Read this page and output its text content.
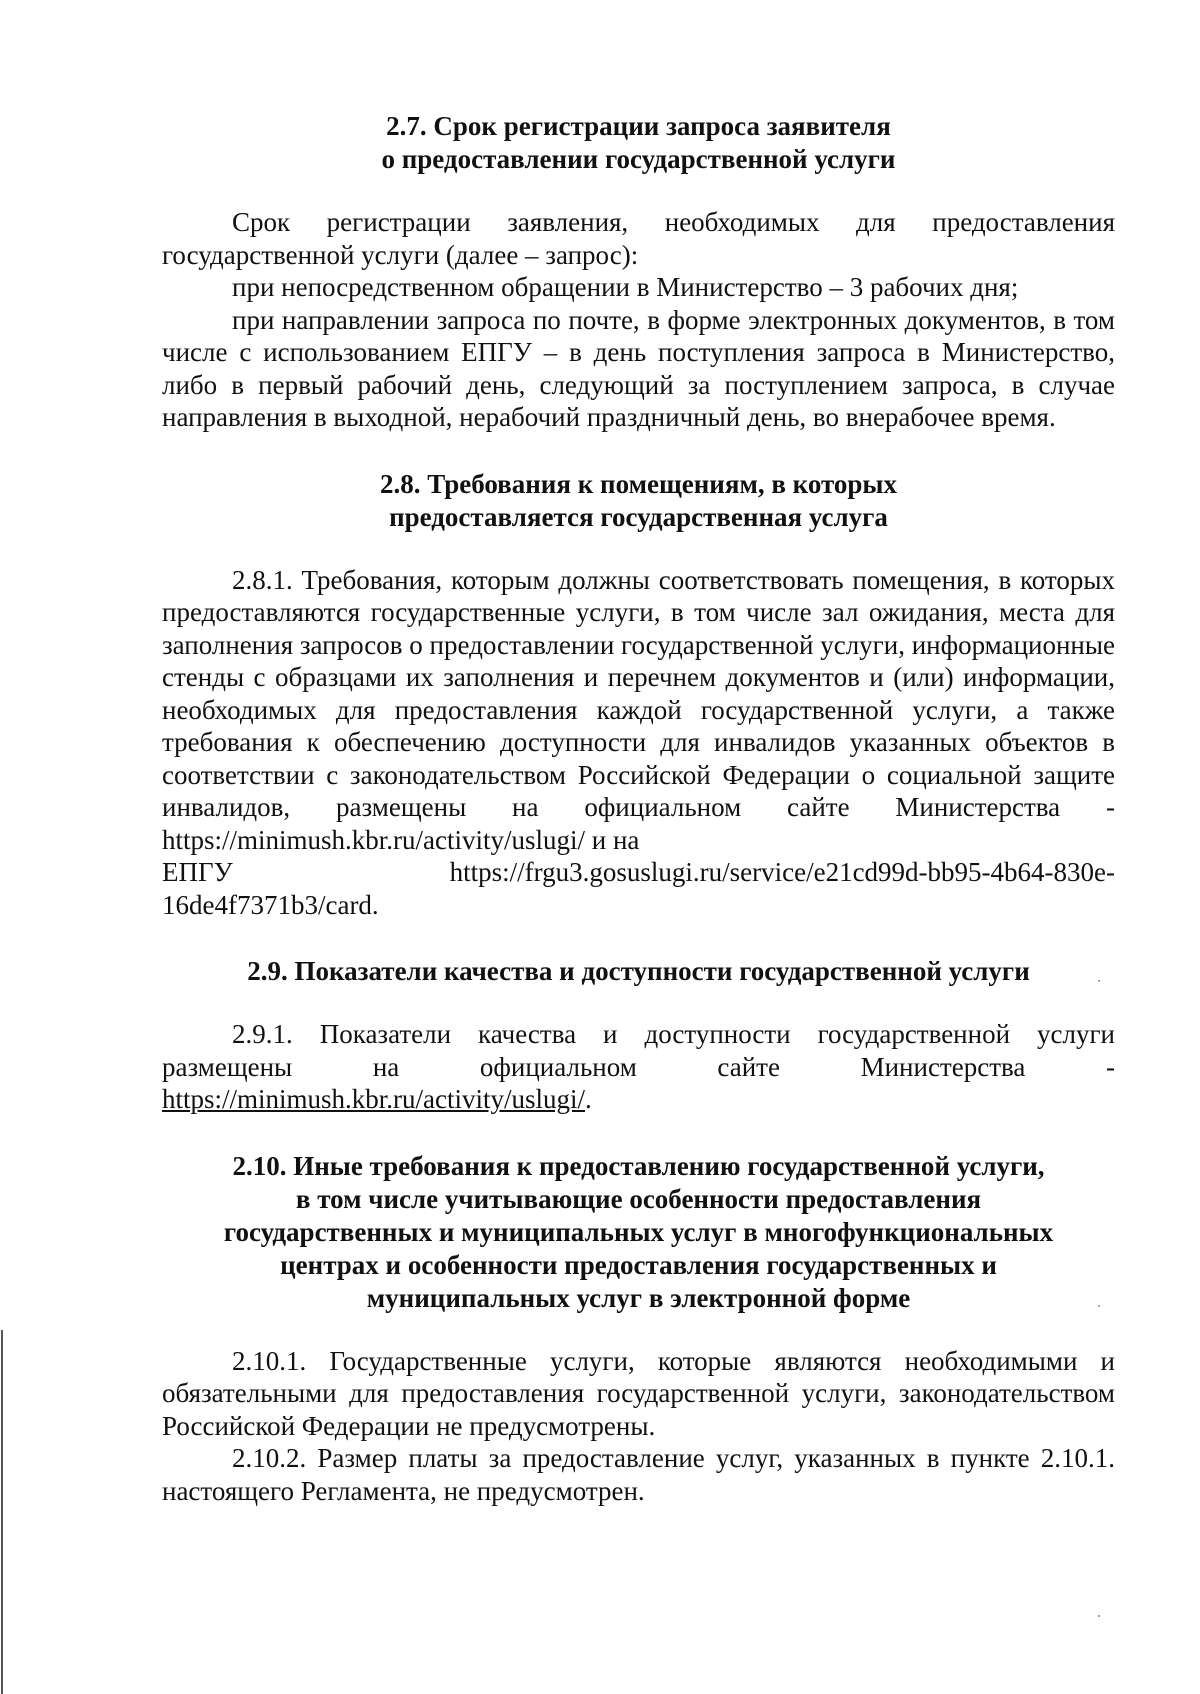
2.7. Срок регистрации запроса заявителя
о предоставлении государственной услуги

Срок регистрации заявления, необходимых для предоставления государственной услуги (далее – запрос):

при непосредственном обращении в Министерство – 3 рабочих дня;

при направлении запроса по почте, в форме электронных документов, в том числе с использованием ЕПГУ – в день поступления запроса в Министерство, либо в первый рабочий день, следующий за поступлением запроса, в случае направления в выходной, нерабочий праздничный день, во внерабочее время.

2.8. Требования к помещениям, в которых
предоставляется государственная услуга

2.8.1. Требования, которым должны соответствовать помещения, в которых предоставляются государственные услуги, в том числе зал ожидания, места для заполнения запросов о предоставлении государственной услуги, информационные стенды с образцами их заполнения и перечнем документов и (или) информации, необходимых для предоставления каждой государственной услуги, а также требования к обеспечению доступности для инвалидов указанных объектов в соответствии с законодательством Российской Федерации о социальной защите инвалидов, размещены на официальном сайте Министерства - https://minimush.kbr.ru/activity/uslugi/ и на

ЕПГУ	https://frgu3.gosuslugi.ru/service/e21cd99d-bb95-4b64-830e-

16de4f7371b3/card.

2.9. Показатели качества и доступности государственной услуги

2.9.1. Показатели качества и доступности государственной услуги размещены на официальном сайте Министерства - https://minimush.kbr.ru/activity/uslugi/.

2.10. Иные требования к предоставлению государственной услуги,
в том числе учитывающие особенности предоставления
государственных и муниципальных услуг в многофункциональных
центрах и особенности предоставления государственных и
муниципальных услуг в электронной форме

2.10.1. Государственные услуги, которые являются необходимыми и обязательными для предоставления государственной услуги, законодательством Российской Федерации не предусмотрены.

2.10.2. Размер платы за предоставление услуг, указанных в пункте 2.10.1. настоящего Регламента, не предусмотрен.
